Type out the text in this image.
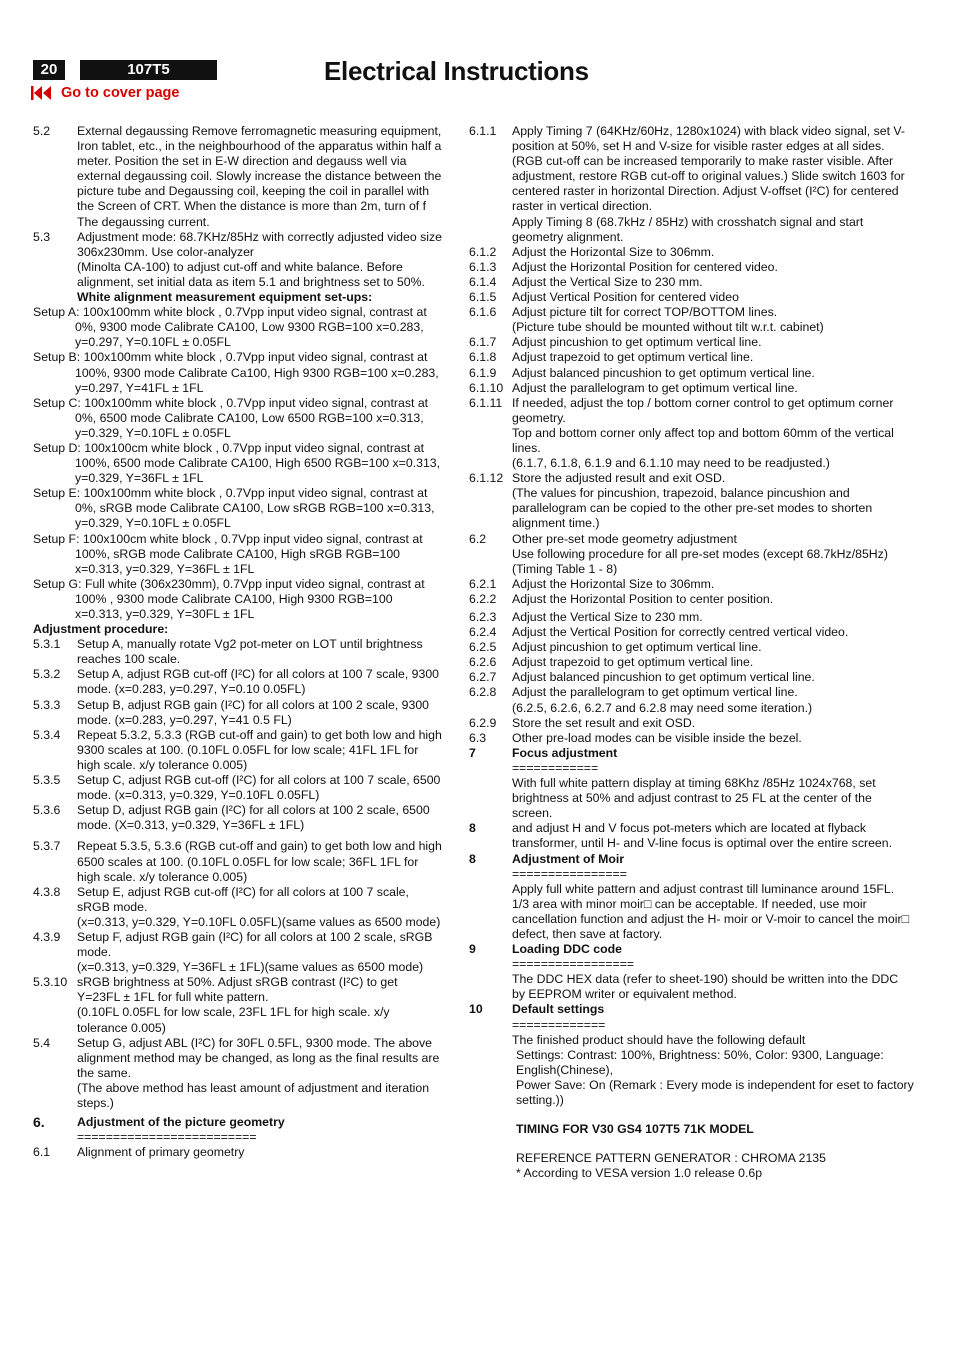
20	107T5	Electrical Instructions
Go to cover page
5.2	External degaussing Remove ferromagnetic measuring equipment, Iron tablet, etc., in the neighbourhood of the apparatus within half a meter. Position the set in E-W direction and degauss well via external degaussing coil. Slowly increase the distance between the picture tube and Degaussing coil, keeping the coil in parallel with the Screen of CRT. When the distance is more than 2m, turn of f The degaussing current.
5.3	Adjustment mode: 68.7KHz/85Hz with correctly adjusted video size 306x230mm. Use color-analyzer
(Minolta CA-100) to adjust cut-off and white balance. Before alignment, set initial data as item 5.1 and brightness set to 50%.
White alignment measurement equipment set-ups:
Setup A: 100x100mm white block , 0.7Vpp input video signal, contrast at 0%, 9300 mode Calibrate CA100, Low 9300 RGB=100 x=0.283, y=0.297, Y=0.10FL ± 0.05FL
Setup B: 100x100mm white block , 0.7Vpp input video signal, contrast at 100%, 9300 mode Calibrate Ca100, High 9300 RGB=100 x=0.283, y=0.297, Y=41FL ± 1FL
Setup C: 100x100mm white block , 0.7Vpp input video signal, contrast at 0%, 6500 mode Calibrate CA100, Low 6500 RGB=100 x=0.313, y=0.329, Y=0.10FL ± 0.05FL
Setup D: 100x100cm white block , 0.7Vpp input video signal, contrast at 100%, 6500 mode Calibrate CA100, High 6500 RGB=100 x=0.313, y=0.329, Y=36FL ± 1FL
Setup E: 100x100mm white block , 0.7Vpp input video signal, contrast at 0%, sRGB mode Calibrate CA100, Low sRGB RGB=100 x=0.313, y=0.329, Y=0.10FL ± 0.05FL
Setup F: 100x100cm white block , 0.7Vpp input video signal, contrast at 100%, sRGB mode Calibrate CA100, High sRGB RGB=100 x=0.313, y=0.329, Y=36FL ± 1FL
Setup G: Full white (306x230mm), 0.7Vpp input video signal, contrast at 100% , 9300 mode Calibrate CA100, High 9300 RGB=100 x=0.313, y=0.329, Y=30FL ± 1FL
Adjustment procedure:
5.3.1	Setup A, manually rotate Vg2 pot-meter on LOT until brightness reaches 100 scale.
5.3.2	Setup A, adjust RGB cut-off (I²C) for all colors at 100 7 scale, 9300 mode. (x=0.283, y=0.297, Y=0.10 0.05FL)
5.3.3	Setup B, adjust RGB gain (I²C) for all colors at 100 2 scale, 9300 mode. (x=0.283, y=0.297, Y=41 0.5 FL)
5.3.4	Repeat 5.3.2, 5.3.3 (RGB cut-off and gain) to get both low and high 9300 scales at 100. (0.10FL 0.05FL for low scale; 41FL 1FL for high scale. x/y tolerance 0.005)
5.3.5	Setup C, adjust RGB cut-off (I²C) for all colors at 100 7 scale, 6500 mode. (x=0.313, y=0.329, Y=0.10FL 0.05FL)
5.3.6	Setup D, adjust RGB gain (I²C) for all colors at 100 2 scale, 6500 mode. (X=0.313, y=0.329, Y=36FL ± 1FL)
5.3.7	Repeat 5.3.5, 5.3.6 (RGB cut-off and gain) to get both low and high 6500 scales at 100. (0.10FL 0.05FL for low scale; 36FL 1FL for high scale. x/y tolerance 0.005)
4.3.8	Setup E, adjust RGB cut-off (I²C) for all colors at 100 7 scale, sRGB mode.
(x=0.313, y=0.329, Y=0.10FL 0.05FL)(same values as 6500 mode)
4.3.9	Setup F, adjust RGB gain (I²C) for all colors at 100 2 scale, sRGB mode.
(x=0.313, y=0.329, Y=36FL ± 1FL)(same values as 6500 mode)
5.3.10 sRGB brightness at 50%. Adjust sRGB contrast (I²C) to get Y=23FL ± 1FL for full white pattern.
(0.10FL 0.05FL for low scale, 23FL 1FL for high scale. x/y tolerance 0.005)
5.4	Setup G, adjust ABL (I²C) for 30FL 0.5FL, 9300 mode. The above alignment method may be changed, as long as the final results are the same.
(The above method has least amount of adjustment and iteration steps.)
6.	Adjustment of the picture geometry
=========================
6.1	Alignment of primary geometry
6.1.1	Apply Timing 7 (64KHz/60Hz, 1280x1024) with black video signal, set V-position at 50%, set H and V-size for visible raster edges at all sides.
(RGB cut-off can be increased temporarily to make raster visible. After adjustment, restore RGB cut-off to original values.) Slide switch 1603 for centered raster in horizontal Direction. Adjust V-offset (I²C) for centered raster in vertical direction.
Apply Timing 8 (68.7kHz / 85Hz) with crosshatch signal and start geometry alignment.
6.1.2	Adjust the Horizontal Size to 306mm.
6.1.3	Adjust the Horizontal Position for centered video.
6.1.4	Adjust the Vertical Size to 230 mm.
6.1.5	Adjust Vertical Position for centered video
6.1.6	Adjust picture tilt for correct TOP/BOTTOM lines.
(Picture tube should be mounted without tilt w.r.t. cabinet)
6.1.7	Adjust pincushion to get optimum vertical line.
6.1.8	Adjust trapezoid to get optimum vertical line.
6.1.9	Adjust balanced pincushion to get optimum vertical line.
6.1.10 Adjust the parallelogram to get optimum vertical line.
6.1.11 If needed, adjust the top / bottom corner control to get optimum corner geometry.
Top and bottom corner only affect top and bottom 60mm of the vertical lines.
(6.1.7, 6.1.8, 6.1.9 and 6.1.10 may need to be readjusted.)
6.1.12 Store the adjusted result and exit OSD.
(The values for pincushion, trapezoid, balance pincushion and parallelogram can be copied to the other pre-set modes to shorten alignment time.)
6.2	Other pre-set mode geometry adjustment
Use following procedure for all pre-set modes (except 68.7kHz/85Hz) (Timing Table 1 - 8)
6.2.1	Adjust the Horizontal Size to 306mm.
6.2.2	Adjust the Horizontal Position to center position.
6.2.3	Adjust the Vertical Size to 230 mm.
6.2.4	Adjust the Vertical Position for correctly centred vertical video.
6.2.5	Adjust pincushion to get optimum vertical line.
6.2.6	Adjust trapezoid to get optimum vertical line.
6.2.7	Adjust balanced pincushion to get optimum vertical line.
6.2.8	Adjust the parallelogram to get optimum vertical line.
(6.2.5, 6.2.6, 6.2.7 and 6.2.8 may need some iteration.)
6.2.9	Store the set result and exit OSD.
6.3	Other pre-load modes can be visible inside the bezel.
7	Focus adjustment
============
With full white pattern display at timing 68Khz /85Hz 1024x768, set brightness at 50% and adjust contrast to 25 FL at the center of the screen.
8	and adjust H and V focus pot-meters which are located at flyback transformer, until H- and V-line focus is optimal over the entire screen.
8	Adjustment of Moir
================
Apply full white pattern and adjust contrast till luminance around 15FL. 1/3 area with minor moir□ can be acceptable. If needed, use moir cancellation function and adjust the H- moir or V-moir to cancel the moir□ defect, then save at factory.
9	Loading DDC code
=================
The DDC HEX data (refer to sheet-190) should be written into the DDC by EEPROM writer or equivalent method.
10	Default settings
=============
The finished product should have the following default
Settings: Contrast: 100%, Brightness: 50%, Color: 9300, Language: English(Chinese),
Power Save: On (Remark : Every mode is independent for eset to factory setting.))
TIMING FOR V30 GS4 107T5 71K MODEL
REFERENCE PATTERN GENERATOR : CHROMA 2135
* According to VESA version 1.0 release 0.6p
